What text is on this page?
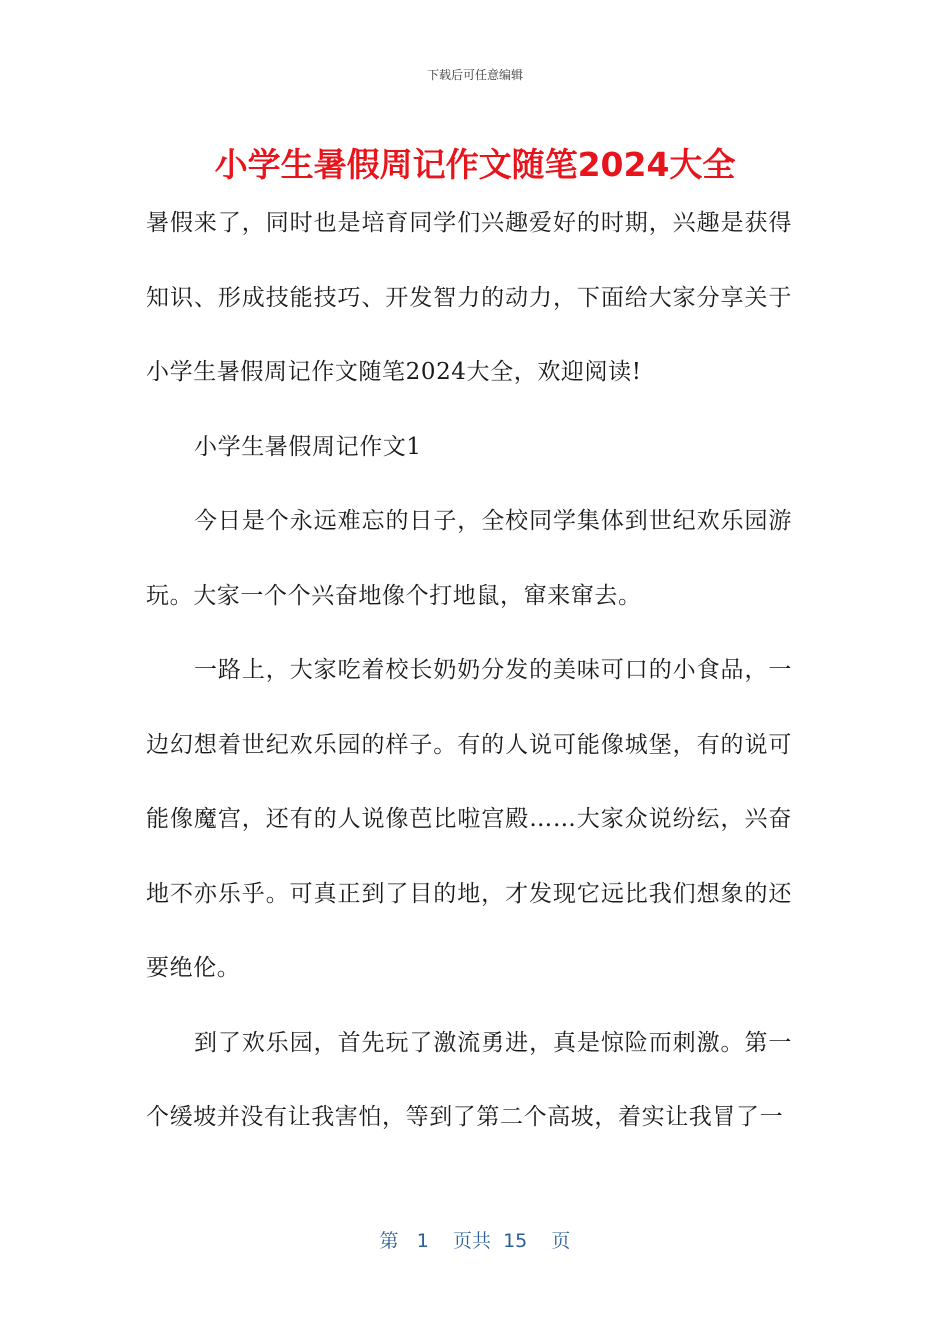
下载后可任意编辑
小学生暑假周记作文随笔2024大全

暑假来了，同时也是培育同学们兴趣爱好的时期，兴趣是获得知识、形成技能技巧、开发智力的动力，下面给大家分享关于小学生暑假周记作文随笔2024大全，欢迎阅读!

小学生暑假周记作文1

今日是个永远难忘的日子，全校同学集体到世纪欢乐园游玩。大家一个个兴奋地像个打地鼠，窜来窜去。

一路上，大家吃着校长奶奶分发的美味可口的小食品，一边幻想着世纪欢乐园的样子。有的人说可能像城堡，有的说可能像魔宫，还有的人说像芭比啦宫殿……大家众说纷纭，兴奋地不亦乐乎。可真正到了目的地，才发现它远比我们想象的还要绝伦。

到了欢乐园，首先玩了激流勇进，真是惊险而刺激。第一个缓坡并没有让我害怕，等到了第二个高坡，着实让我冒了一

第 1 页共 15 页
